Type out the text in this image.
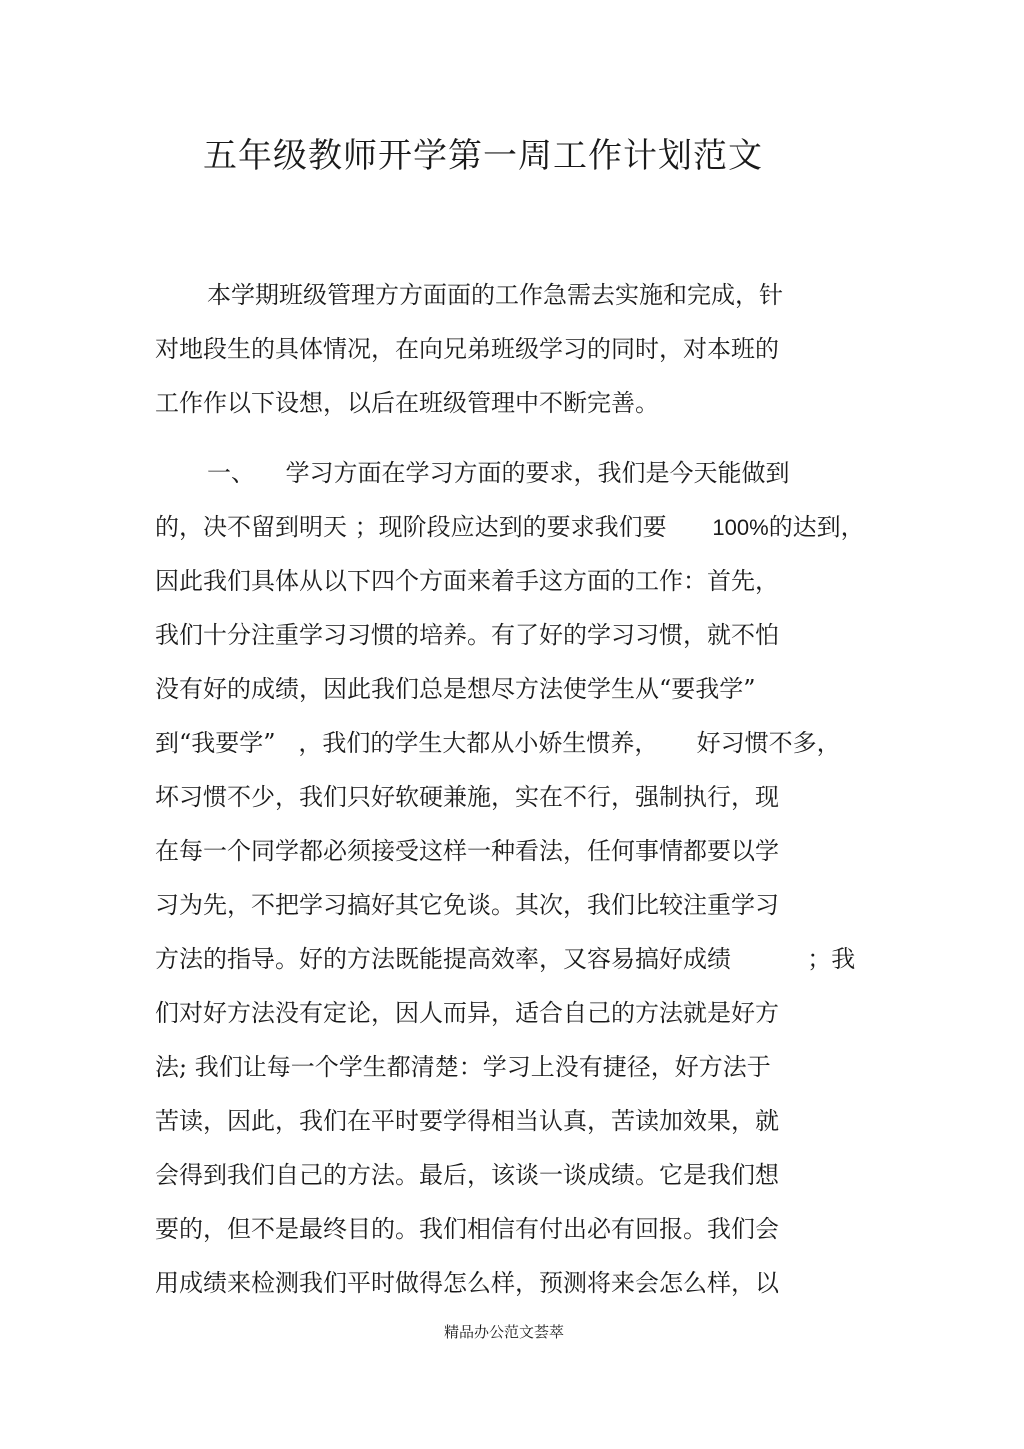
五年级教师开学第一周工作计划范文
本学期班级管理方方面面的工作急需去实施和完成，针
对地段生的具体情况，在向兄弟班级学习的同时，对本班的
工作作以下设想，以后在班级管理中不断完善。
一、    学习方面在学习方面的要求，我们是今天能做到
的，决不留到明天 ；现阶段应达到的要求我们要      100%的达到，
因此我们具体从以下四个方面来着手这方面的工作：首先，
我们十分注重学习习惯的培养。有了好的学习习惯，就不怕
没有好的成绩，因此我们总是想尽方法使学生从“要我学”
到“我要学”   ，我们的学生大都从小娇生惯养，     好习惯不多，
坏习惯不少，我们只好软硬兼施，实在不行，强制执行，现
在每一个同学都必须接受这样一种看法，任何事情都要以学
习为先，不把学习搞好其它免谈。其次，我们比较注重学习
方法的指导。好的方法既能提高效率，又容易搞好成绩          ；我
们对好方法没有定论，因人而异，适合自己的方法就是好方
法; 我们让每一个学生都清楚：学习上没有捷径，好方法于
苦读，因此，我们在平时要学得相当认真，苦读加效果，就
会得到我们自己的方法。最后，该谈一谈成绩。它是我们想
要的，但不是最终目的。我们相信有付出必有回报。我们会
用成绩来检测我们平时做得怎么样，预测将来会怎么样，以
精品办公范文荟萃
